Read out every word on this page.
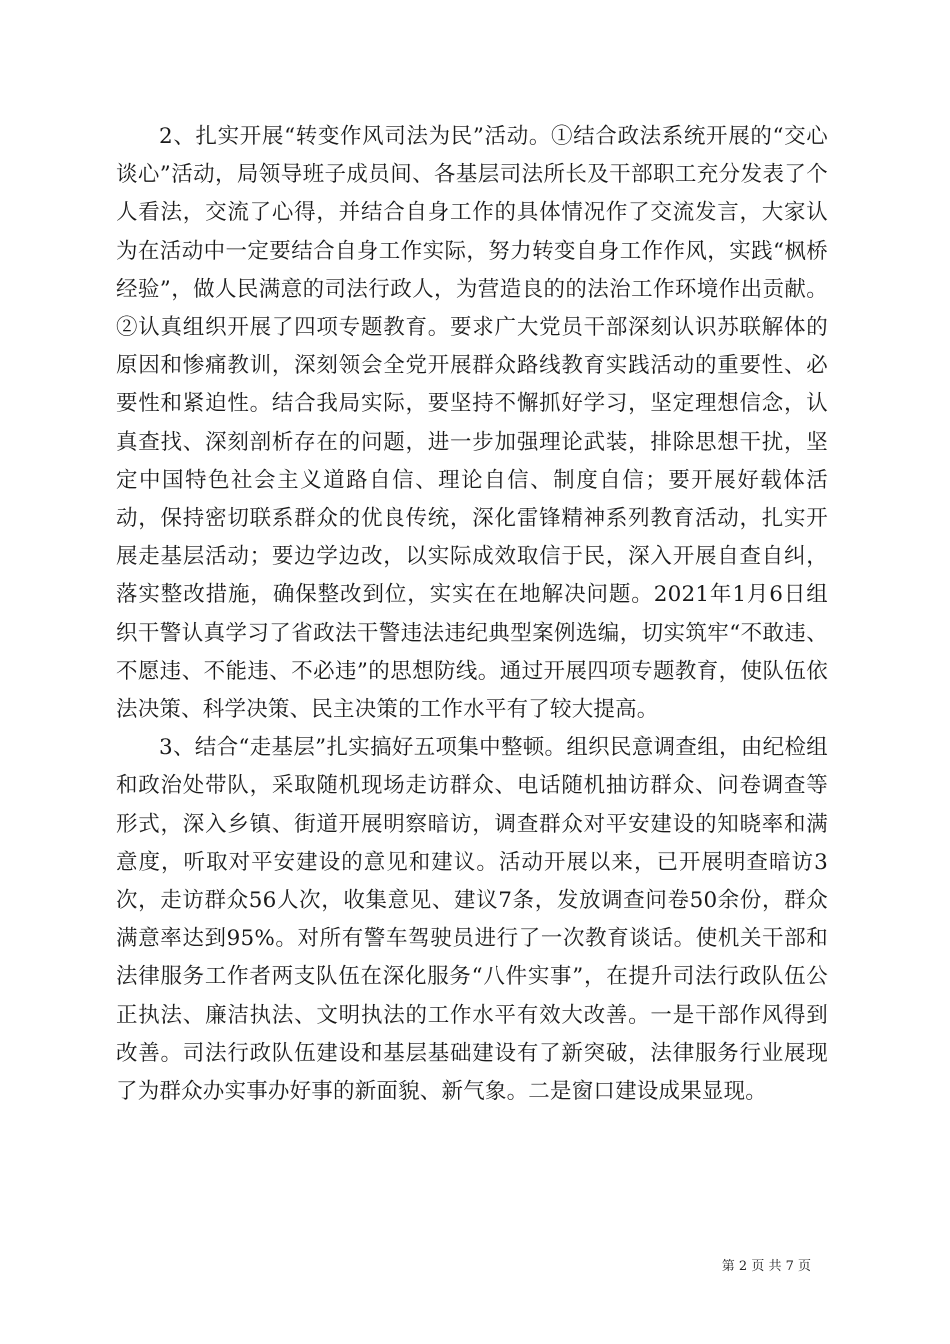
2、扎实开展“转变作风司法为民”活动。①结合政法系统开展的“交心谈心”活动，局领导班子成员间、各基层司法所长及干部职工充分发表了个人看法，交流了心得，并结合自身工作的具体情况作了交流发言，大家认为在活动中一定要结合自身工作实际，努力转变自身工作作风，实践“枫桥经验”，做人民满意的司法行政人，为营造良的的法治工作环境作出贡献。②认真组织开展了四项专题教育。要求广大党员干部深刻认识苏联解体的原因和惨痛教训，深刻领会全党开展群众路线教育实践活动的重要性、必要性和紧迫性。结合我局实际，要坚持不懈抓好学习，坚定理想信念，认真查找、深刻剖析存在的问题，进一步加强理论武装，排除思想干扰，坚定中国特色社会主义道路自信、理论自信、制度自信；要开展好载体活动，保持密切联系群众的优良传统，深化雷锋精神系列教育活动，扎实开展走基层活动；要边学边改，以实际成效取信于民，深入开展自查自纠，落实整改措施，确保整改到位，实实在在地解决问题。2021年1月6日组织干警认真学习了省政法干警违法违纪典型案例选编，切实筑牢“不敢违、不愿违、不能违、不必违”的思想防线。通过开展四项专题教育，使队伍依法决策、科学决策、民主决策的工作水平有了较大提高。

3、结合“走基层”扎实搞好五项集中整顿。组织民意调查组，由纪检组和政治处带队，采取随机现场走访群众、电话随机抽访群众、问卷调查等形式，深入乡镇、街道开展明察暗访，调查群众对平安建设的知晓率和满意度，听取对平安建设的意见和建议。活动开展以来，已开展明查暗访3次，走访群众56人次，收集意见、建议7条，发放调查问卷50余份，群众满意率达到95%。对所有警车驾驶员进行了一次教育谈话。使机关干部和法律服务工作者两支队伍在深化服务“八件实事”，在提升司法行政队伍公正执法、廉洁执法、文明执法的工作水平有效大改善。一是干部作风得到改善。司法行政队伍建设和基层基础建设有了新突破，法律服务行业展现了为群众办实事办好事的新面貌、新气象。二是窗口建设成果显现。

第 2 页 共 7 页
